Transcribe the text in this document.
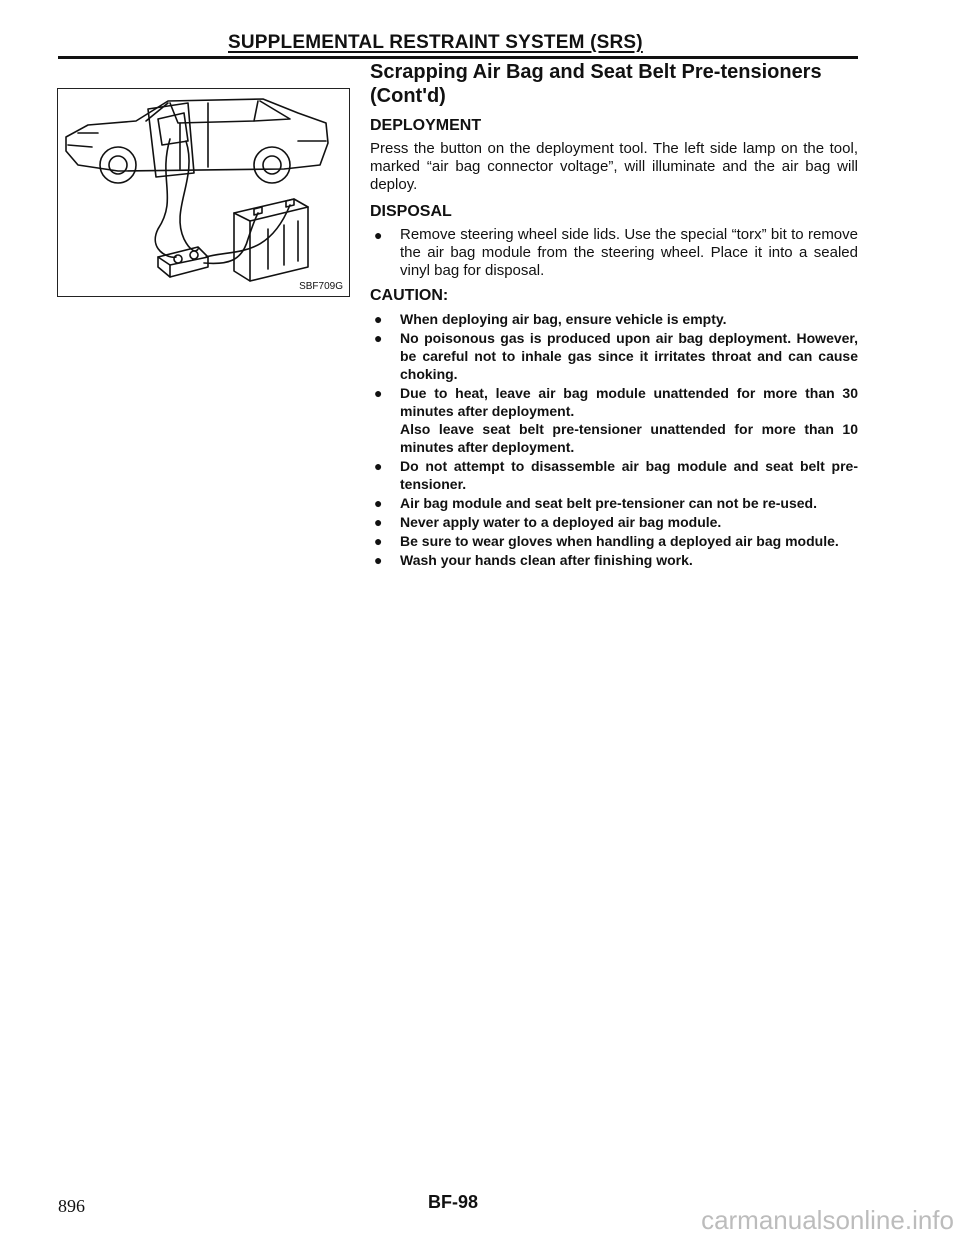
SUPPLEMENTAL RESTRAINT SYSTEM (SRS)
SBF709G
Scrapping Air Bag and Seat Belt Pre-tensioners
(Cont'd)
DEPLOYMENT

Press the button on the deployment tool. The left side lamp on the tool, marked “air bag connector voltage”, will illuminate and the air bag will deploy.

DISPOSAL
● Remove steering wheel side lids. Use the special “torx” bit to remove the air bag module from the steering wheel. Place it into a sealed vinyl bag for disposal.
CAUTION:
● When deploying air bag, ensure vehicle is empty.
● No poisonous gas is produced upon air bag deployment. However, be careful not to inhale gas since it irritates throat and can cause choking.
● Due to heat, leave air bag module unattended for more than 30 minutes after deployment.
Also leave seat belt pre-tensioner unattended for more than 10 minutes after deployment.
● Do not attempt to disassemble air bag module and seat belt pre-tensioner.
● Air bag module and seat belt pre-tensioner can not be re-used.
● Never apply water to a deployed air bag module.
● Be sure to wear gloves when handling a deployed air bag module.
● Wash your hands clean after finishing work.
896	BF-98
carmanualsonline.info
